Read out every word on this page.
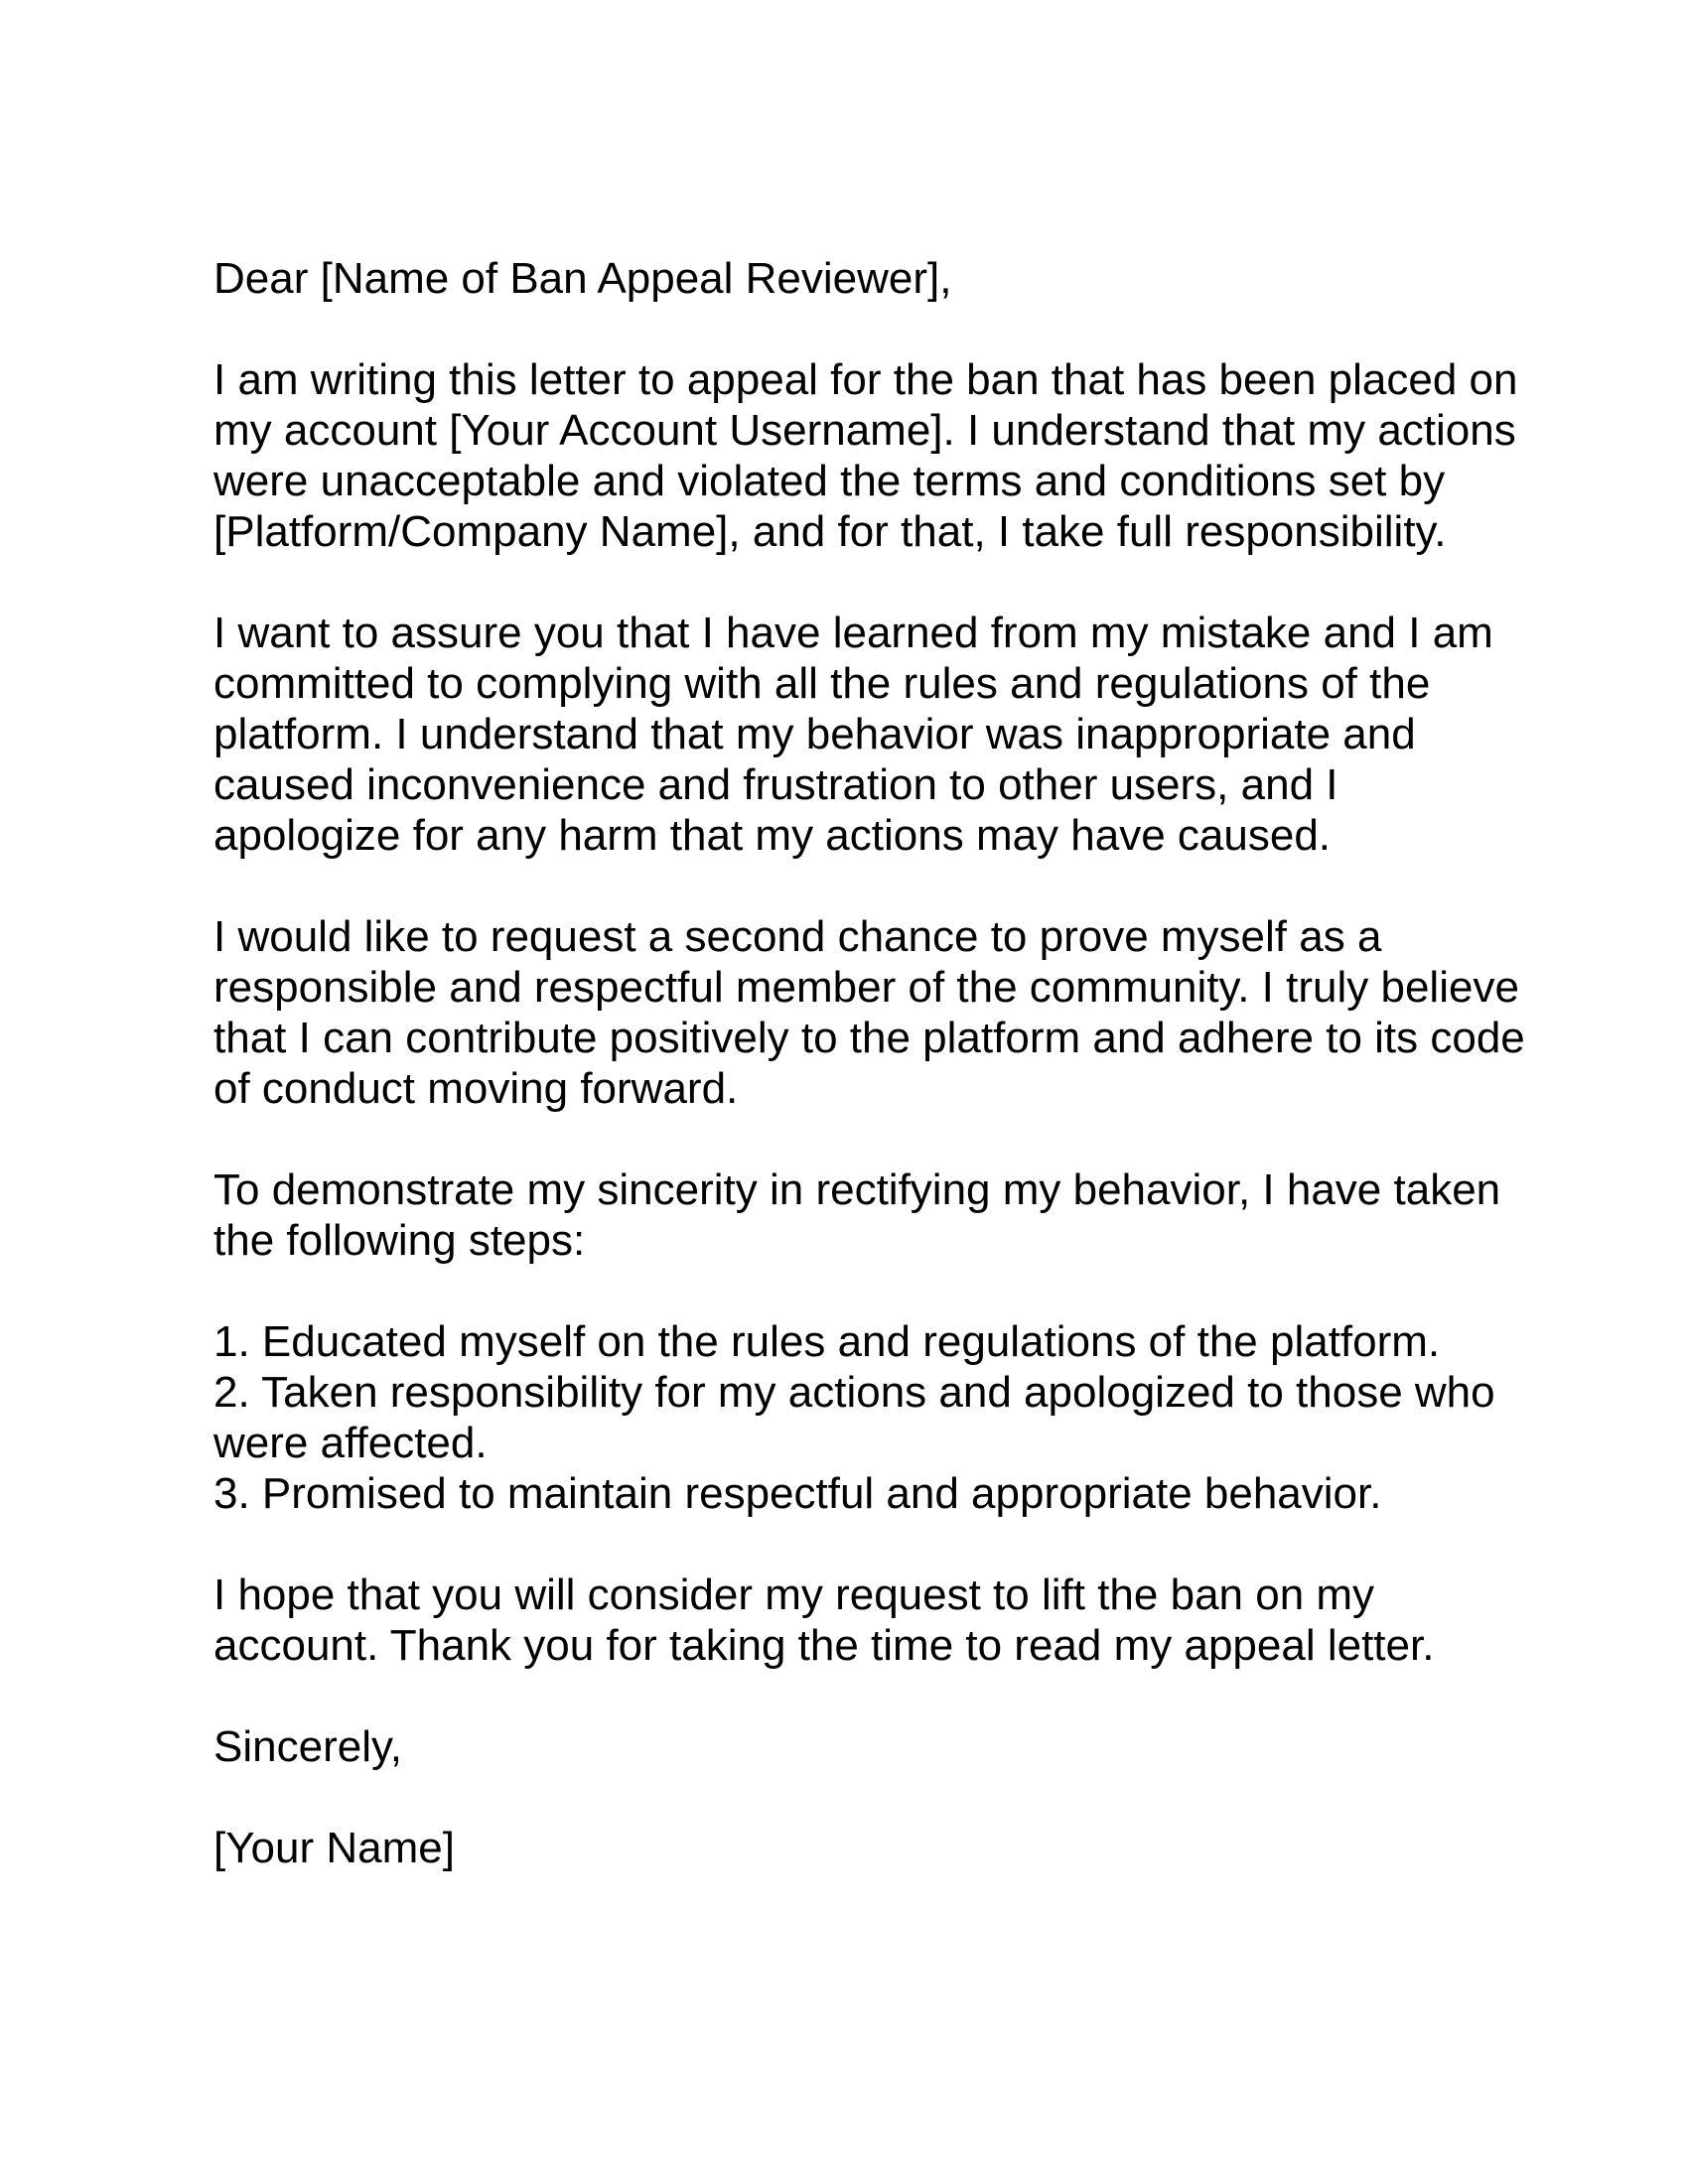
Dear [Name of Ban Appeal Reviewer],
I am writing this letter to appeal for the ban that has been placed on
my account [Your Account Username]. I understand that my actions
were unacceptable and violated the terms and conditions set by
[Platform/Company Name], and for that, I take full responsibility.
I want to assure you that I have learned from my mistake and I am
committed to complying with all the rules and regulations of the
platform. I understand that my behavior was inappropriate and
caused inconvenience and frustration to other users, and I
apologize for any harm that my actions may have caused.
I would like to request a second chance to prove myself as a
responsible and respectful member of the community. I truly believe
that I can contribute positively to the platform and adhere to its code
of conduct moving forward.
To demonstrate my sincerity in rectifying my behavior, I have taken
the following steps:
1. Educated myself on the rules and regulations of the platform.
2. Taken responsibility for my actions and apologized to those who
were affected.
3. Promised to maintain respectful and appropriate behavior.
I hope that you will consider my request to lift the ban on my
account. Thank you for taking the time to read my appeal letter.
Sincerely,
[Your Name]
